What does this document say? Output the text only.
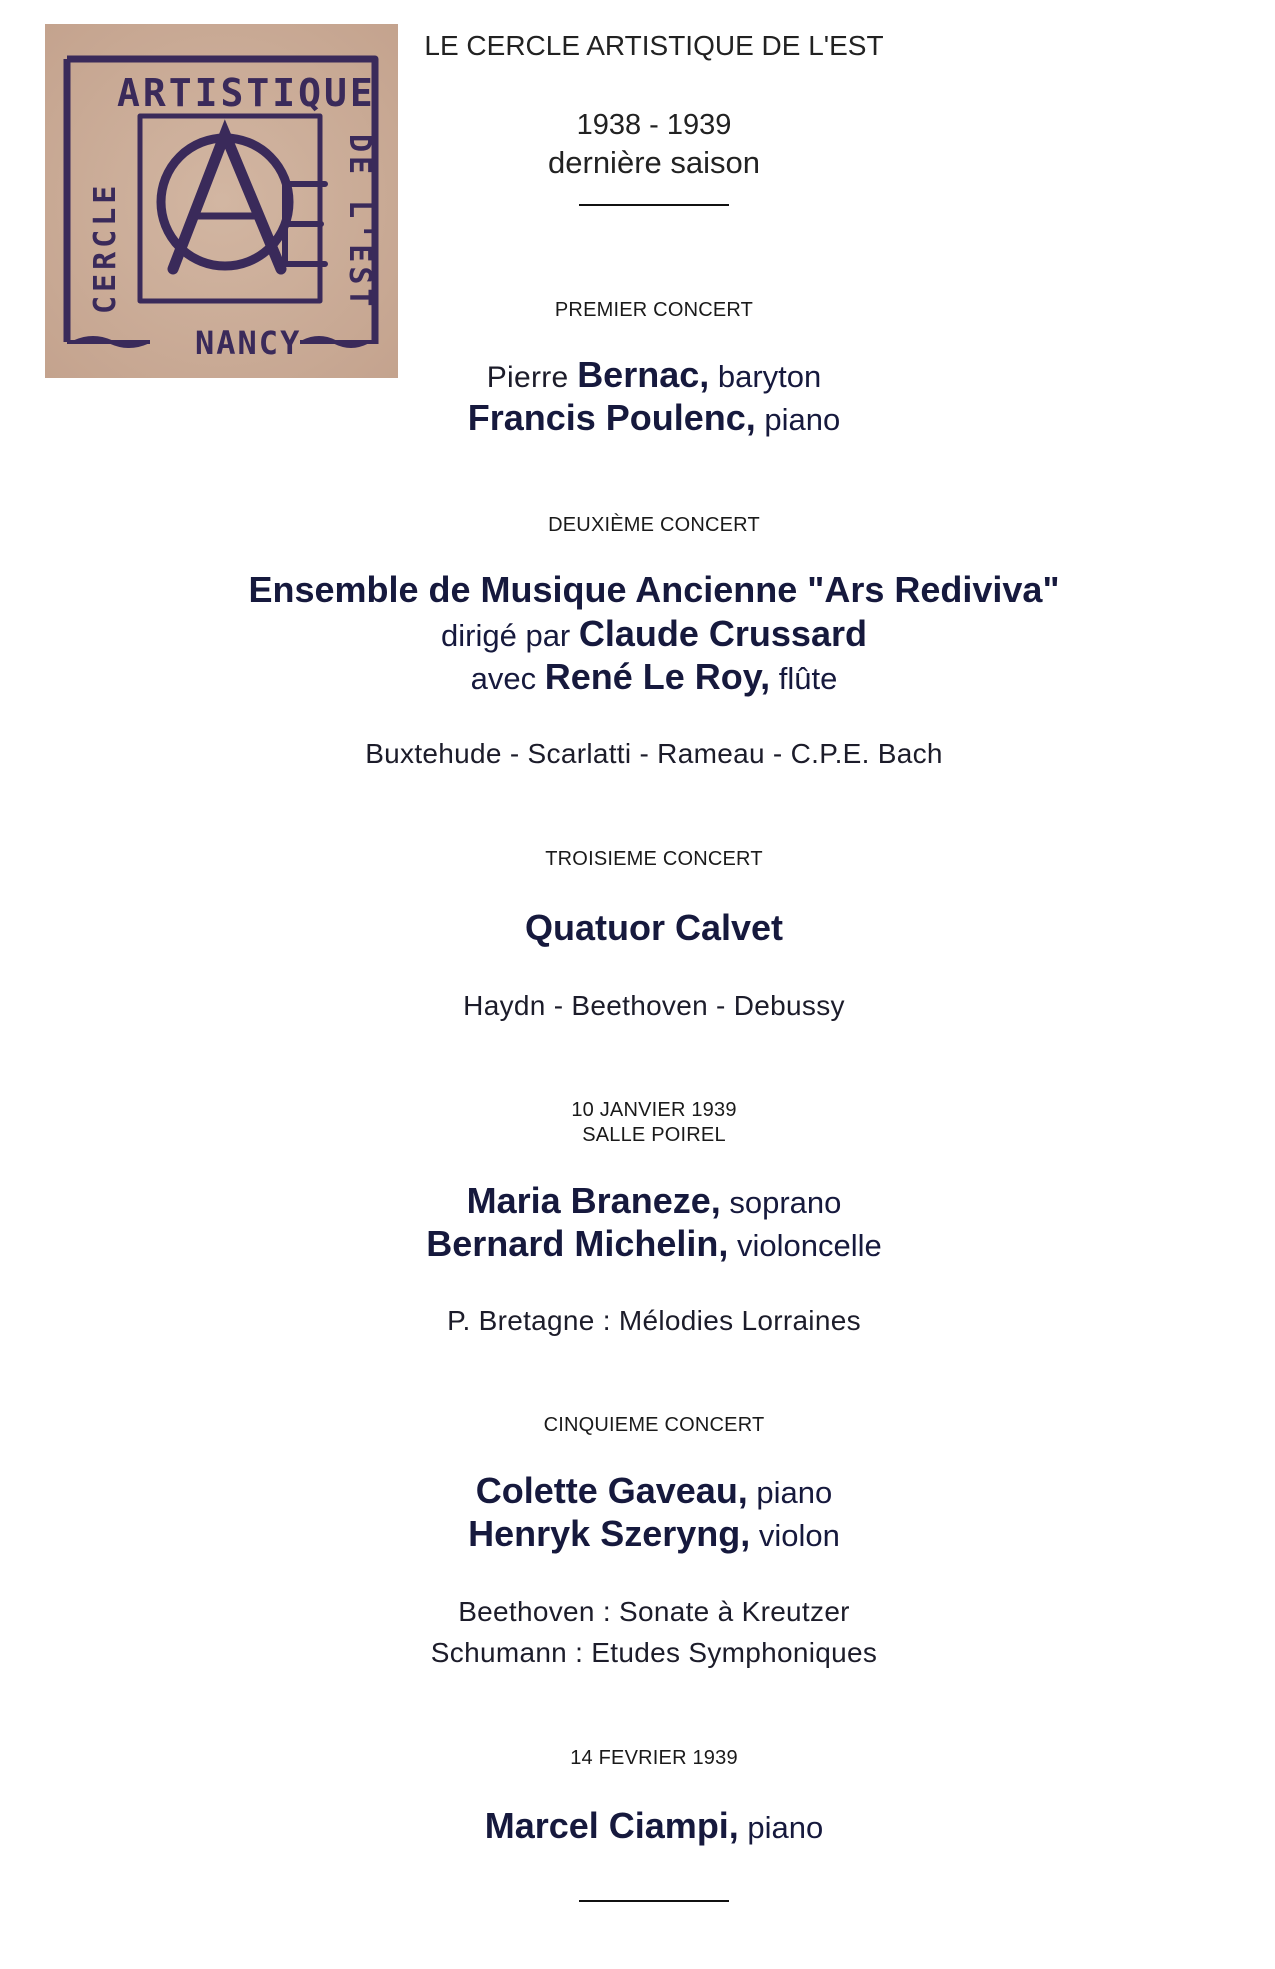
ARTISTIQUE
NANCY
CERCLE	DE L'EST
LE CERCLE ARTISTIQUE DE L'EST
1938 - 1939
dernière saison
PREMIER CONCERT
Pierre Bernac, baryton
Francis Poulenc, piano
DEUXIÈME CONCERT
Ensemble de Musique Ancienne "Ars Rediviva"
dirigé par Claude Crussard
avec René Le Roy, flûte
Buxtehude - Scarlatti - Rameau - C.P.E. Bach
TROISIEME CONCERT
Quatuor Calvet
Haydn - Beethoven - Debussy
10 JANVIER 1939
SALLE POIREL
Maria Braneze, soprano
Bernard Michelin, violoncelle
P. Bretagne : Mélodies Lorraines
CINQUIEME CONCERT
Colette Gaveau, piano
Henryk Szeryng, violon
Beethoven : Sonate à Kreutzer
Schumann : Etudes Symphoniques
14 FEVRIER 1939
Marcel Ciampi, piano
